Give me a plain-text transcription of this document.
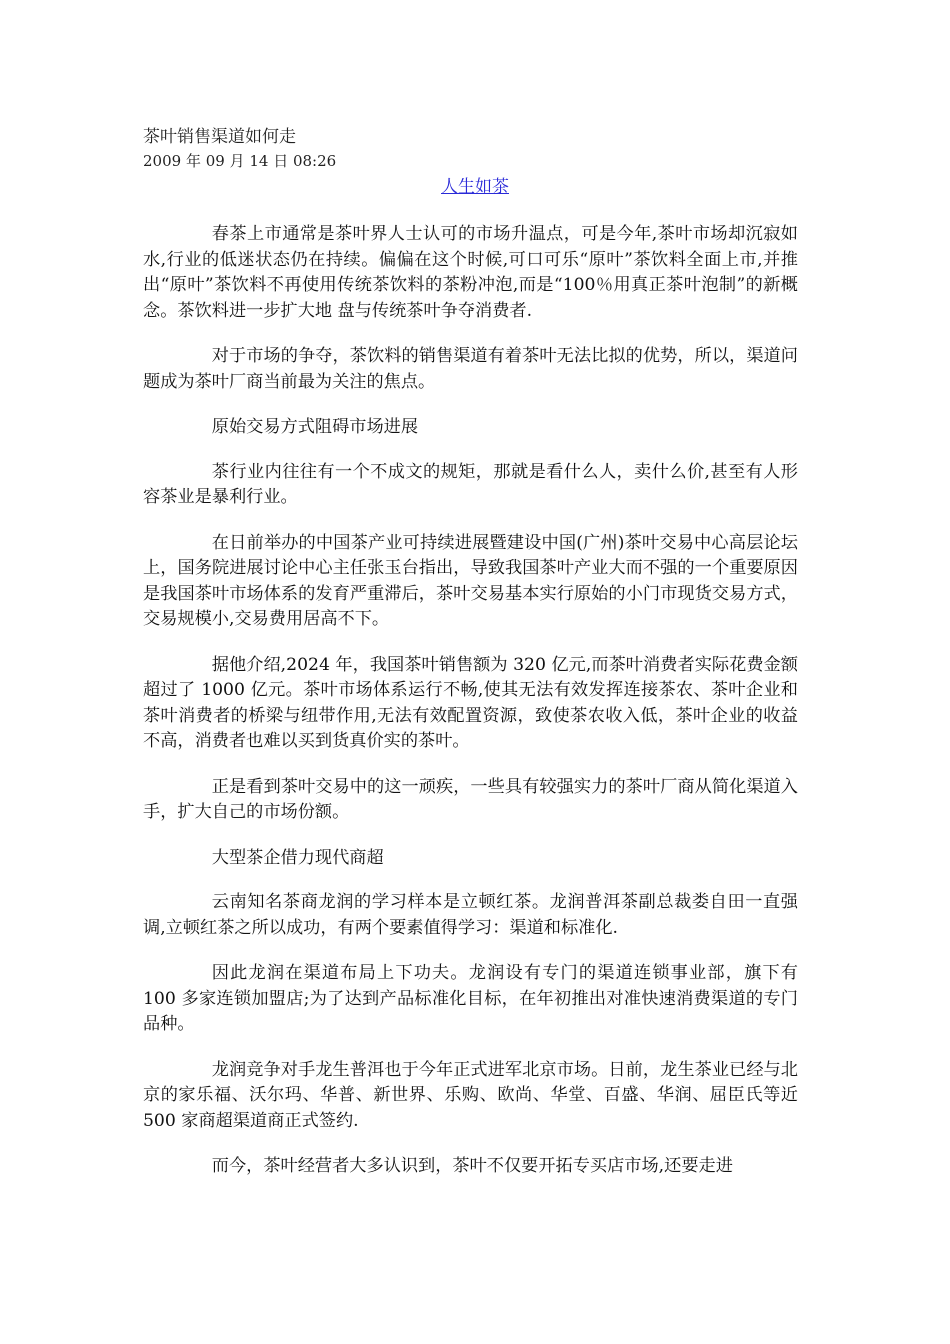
茶叶销售渠道如何走
2009 年 09 月 14 日 08:26
人生如茶

春茶上市通常是茶叶界人士认可的市场升温点，可是今年,茶叶市场却沉寂如水,行业的低迷状态仍在持续。偏偏在这个时候,可口可乐“原叶”茶饮料全面上市,并推出“原叶”茶饮料不再使用传统茶饮料的茶粉冲泡,而是“100％用真正茶叶泡制”的新概念。茶饮料进一步扩大地 盘与传统茶叶争夺消费者.

对于市场的争夺，茶饮料的销售渠道有着茶叶无法比拟的优势，所以，渠道问题成为茶叶厂商当前最为关注的焦点。

原始交易方式阻碍市场进展

茶行业内往往有一个不成文的规矩，那就是看什么人，卖什么价,甚至有人形容茶业是暴利行业。

在日前举办的中国茶产业可持续进展暨建设中国(广州)茶叶交易中心高层论坛上，国务院进展讨论中心主任张玉台指出，导致我国茶叶产业大而不强的一个重要原因是我国茶叶市场体系的发育严重滞后，茶叶交易基本实行原始的小门市现货交易方式，交易规模小,交易费用居高不下。

据他介绍,2024 年，我国茶叶销售额为 320 亿元,而茶叶消费者实际花费金额超过了 1000 亿元。茶叶市场体系运行不畅,使其无法有效发挥连接茶农、茶叶企业和茶叶消费者的桥梁与纽带作用,无法有效配置资源，致使茶农收入低，茶叶企业的收益不高，消费者也难以买到货真价实的茶叶。

正是看到茶叶交易中的这一顽疾，一些具有较强实力的茶叶厂商从简化渠道入手，扩大自己的市场份额。

大型茶企借力现代商超

云南知名茶商龙润的学习样本是立顿红茶。龙润普洱茶副总裁娄自田一直强调,立顿红茶之所以成功，有两个要素值得学习：渠道和标准化.

因此龙润在渠道布局上下功夫。龙润设有专门的渠道连锁事业部，旗下有 100 多家连锁加盟店;为了达到产品标准化目标，在年初推出对准快速消费渠道的专门品种。

龙润竞争对手龙生普洱也于今年正式进军北京市场。日前，龙生茶业已经与北京的家乐福、沃尔玛、华普、新世界、乐购、欧尚、华堂、百盛、华润、屈臣氏等近 500 家商超渠道商正式签约.

而今，茶叶经营者大多认识到，茶叶不仅要开拓专买店市场,还要走进
